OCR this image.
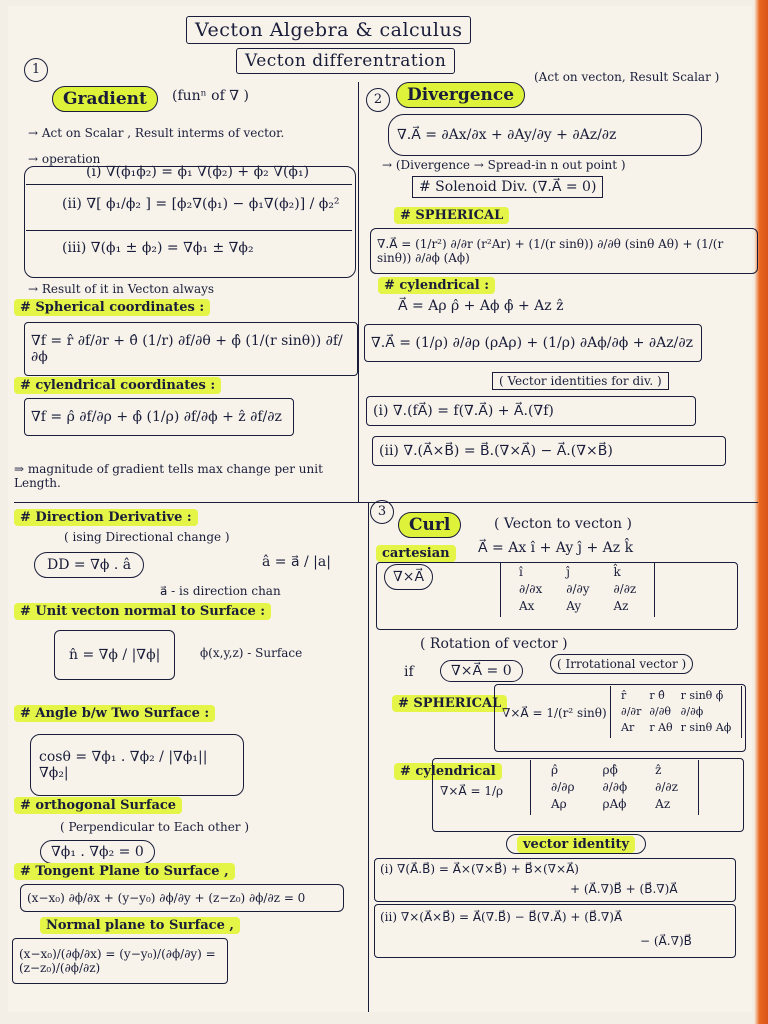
Vecton Algebra & calculus
Vecton differentration
1
Gradient	(funⁿ of ∇ )
→ Act on Scalar , Result interms of vector.
→ operation
(i) ∇(ϕ₁ϕ₂) = ϕ₁ ∇(ϕ₂) + ϕ₂ ∇(ϕ₁)
(ii) ∇[ ϕ₁/ϕ₂ ] = [ϕ₂∇(ϕ₁) − ϕ₁∇(ϕ₂)] / ϕ₂²
(iii) ∇(ϕ₁ ± ϕ₂) = ∇ϕ₁ ± ∇ϕ₂
→ Result of it in Vecton always
# Spherical coordinates :
∇f = r̂ ∂f/∂r + θ̂ (1/r) ∂f/∂θ + ϕ̂ (1/(r sinθ)) ∂f/∂ϕ
# cylendrical coordinates :
∇f = ρ̂ ∂f/∂ρ + ϕ̂ (1/ρ) ∂f/∂ϕ + ẑ ∂f/∂z
⇒ magnitude of gradient tells max change per unit Length.
# Direction Derivative :
( ising Directional change )
DD = ∇ϕ . â	â = a⃗ / |a|
a⃗ - is direction chan
# Unit vecton normal to Surface :
n̂ = ∇ϕ / |∇ϕ|	ϕ(x,y,z) - Surface
# Angle b/w Two Surface :
cosθ = ∇ϕ₁ . ∇ϕ₂ / |∇ϕ₁||∇ϕ₂|
# orthogonal Surface
( Perpendicular to Each other )
∇ϕ₁ . ∇ϕ₂ = 0
# Tongent Plane to Surface ,
(x−x₀) ∂ϕ/∂x + (y−y₀) ∂ϕ/∂y + (z−z₀) ∂ϕ/∂z = 0
Normal plane to Surface ,
(x−x₀)/(∂ϕ/∂x) = (y−y₀)/(∂ϕ/∂y) = (z−z₀)/(∂ϕ/∂z)
2	Divergence
(Act on vecton, Result Scalar )
∇.A⃗ = ∂Ax/∂x + ∂Ay/∂y + ∂Az/∂z
→ (Divergence → Spread-in n out point )
# Solenoid Div. (∇.A⃗ = 0)
# SPHERICAL
∇.A⃗ = (1/r²) ∂/∂r (r²Ar) + (1/(r sinθ)) ∂/∂θ (sinθ Aθ) + (1/(r sinθ)) ∂/∂ϕ (Aϕ)
# cylendrical :
A⃗ = Aρ ρ̂ + Aϕ ϕ̂ + Az ẑ
∇.A⃗ = (1/ρ) ∂/∂ρ (ρAρ) + (1/ρ) ∂Aϕ/∂ϕ + ∂Az/∂z
( Vector identities for div. )
(i) ∇.(fA⃗) = f(∇.A⃗) + A⃗.(∇f)
(ii) ∇.(A⃗×B⃗) = B⃗.(∇×A⃗) − A⃗.(∇×B⃗)
3
Curl	( Vecton to vecton )
cartesian	A⃗ = Ax î + Ay ĵ + Az k̂
∇×A⃗	î	ĵ	k̂
∂/∂x	∂/∂y	∂/∂z
Ax	Ay	Az
( Rotation of vector )
if	∇×A⃗ = 0	( Irrotational vector )
# SPHERICAL
∇×A⃗ = 1/(r² sinθ)
r̂	r θ̂	r sinθ ϕ̂
∂/∂r	∂/∂θ	∂/∂ϕ
Ar	r Aθ	r sinθ Aϕ
# cylendrical
∇×A⃗ = 1/ρ
ρ̂	ρϕ̂	ẑ
∂/∂ρ	∂/∂ϕ	∂/∂z
Aρ	ρAϕ	Az
vector identity
(i) ∇(A⃗.B⃗) = A⃗×(∇×B⃗) + B⃗×(∇×A⃗)
+ (A⃗.∇)B⃗ + (B⃗.∇)A⃗
(ii) ∇×(A⃗×B⃗) = A⃗(∇.B⃗) − B⃗(∇.A⃗) + (B⃗.∇)A⃗
− (A⃗.∇)B⃗
